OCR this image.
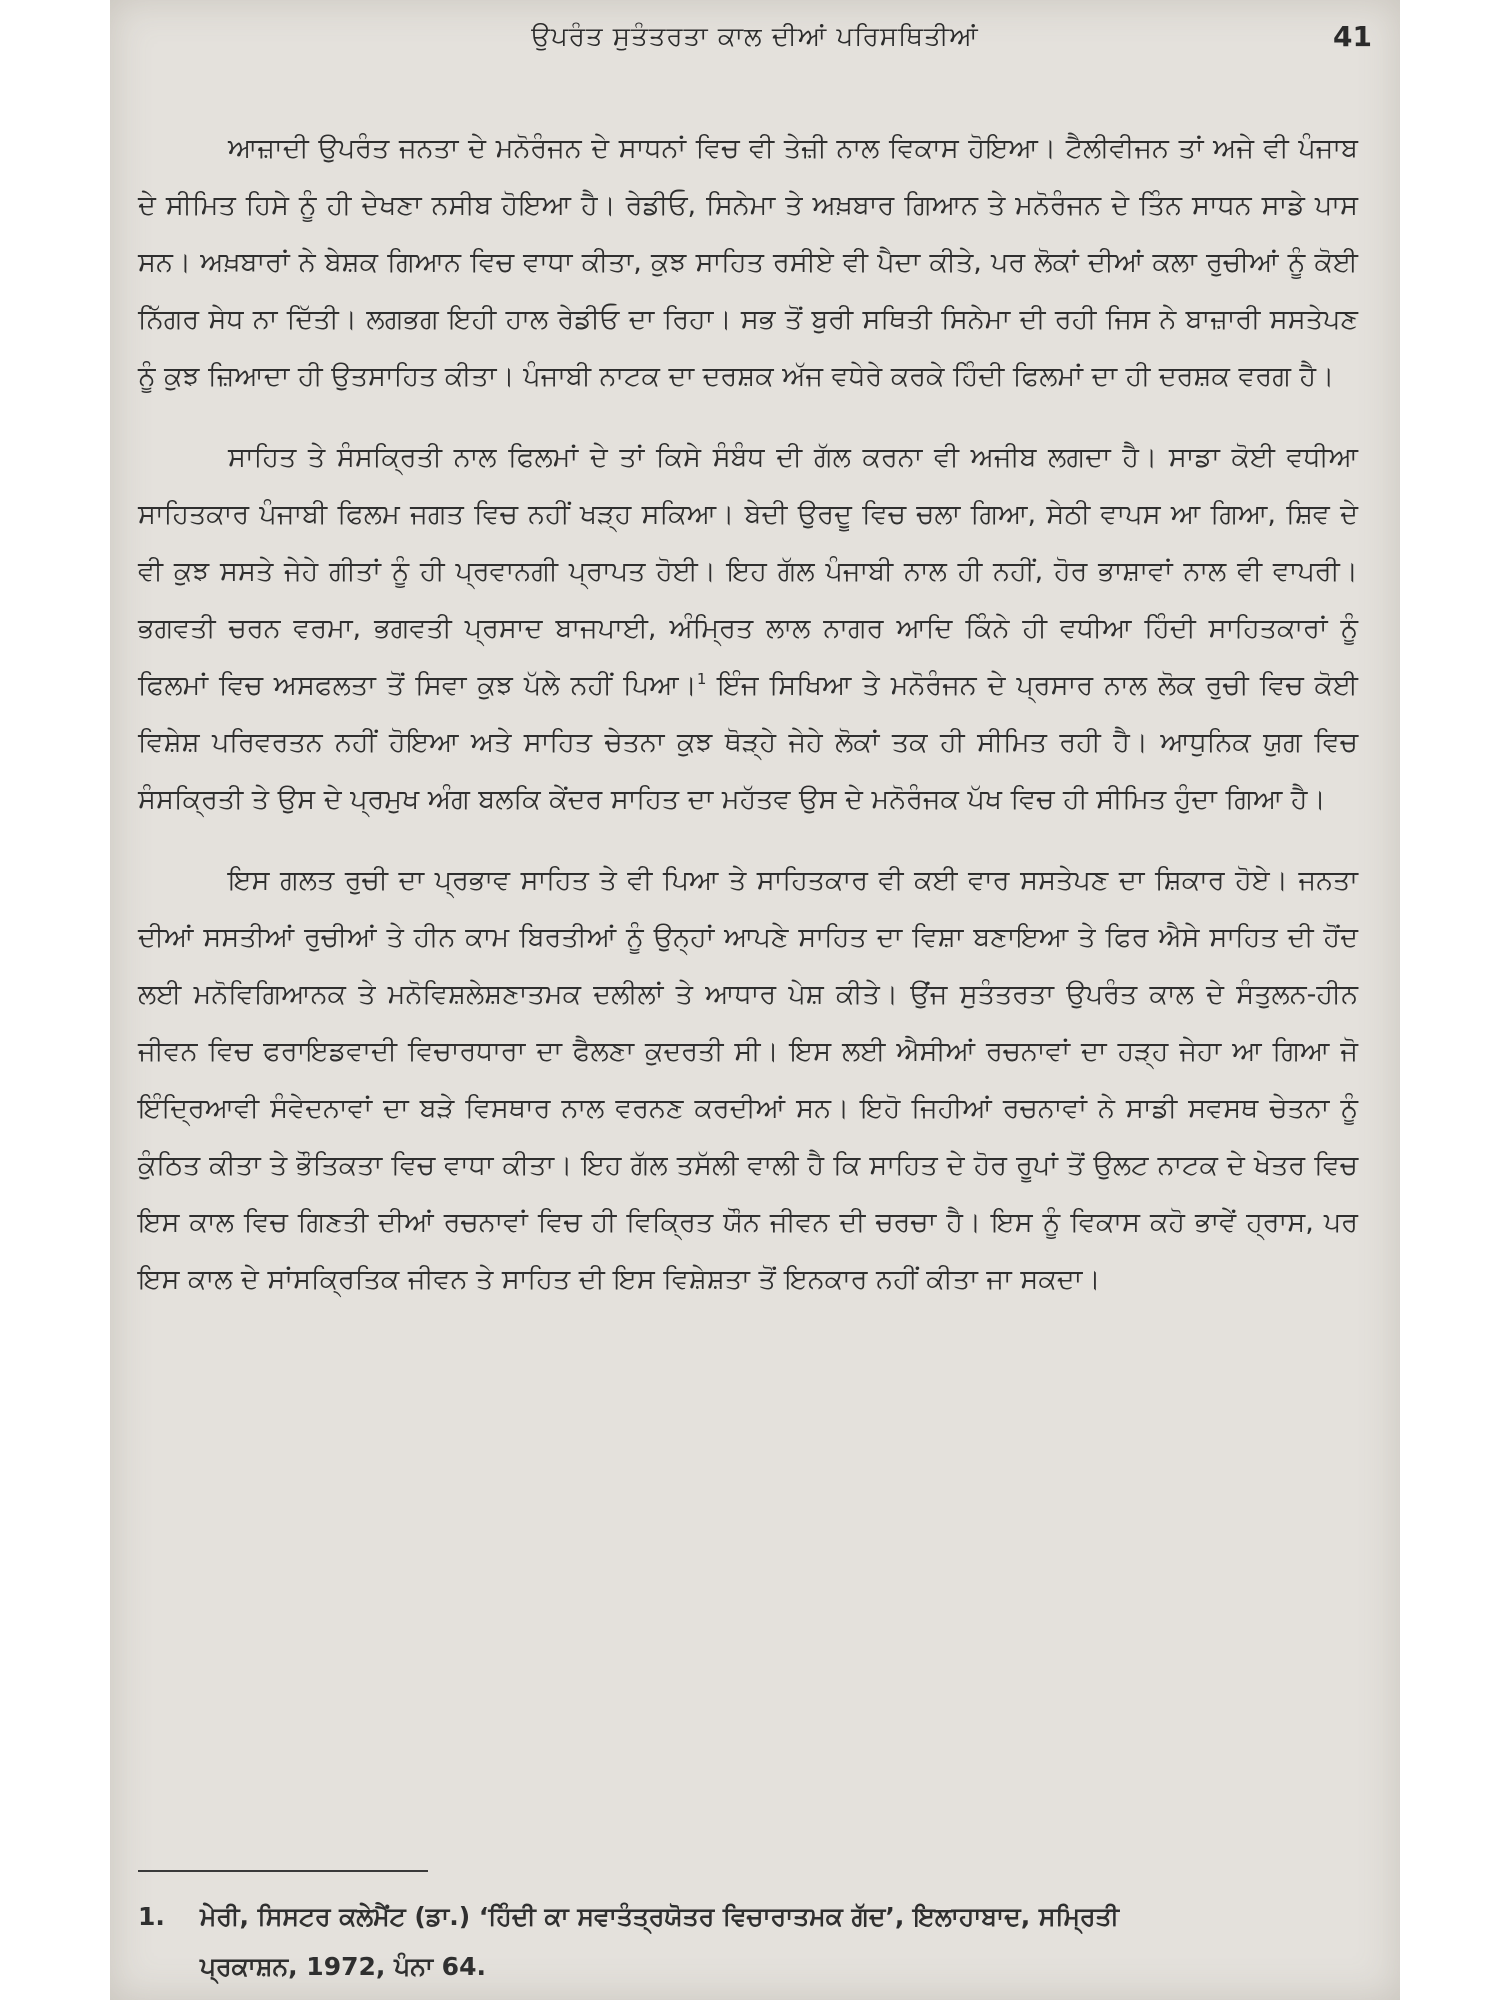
ਉਪਰੰਤ ਸੁਤੰਤਰਤਾ ਕਾਲ ਦੀਆਂ ਪਰਿਸਥਿਤੀਆਂ	41

ਆਜ਼ਾਦੀ ਉਪਰੰਤ ਜਨਤਾ ਦੇ ਮਨੋਰੰਜਨ ਦੇ ਸਾਧਨਾਂ ਵਿਚ ਵੀ ਤੇਜ਼ੀ ਨਾਲ ਵਿਕਾਸ ਹੋਇਆ। ਟੈਲੀਵੀਜਨ ਤਾਂ ਅਜੇ ਵੀ ਪੰਜਾਬ ਦੇ ਸੀਮਿਤ ਹਿਸੇ ਨੂੰ ਹੀ ਦੇਖਣਾ ਨਸੀਬ ਹੋਇਆ ਹੈ। ਰੇਡੀਓ, ਸਿਨੇਮਾ ਤੇ ਅਖ਼ਬਾਰ ਗਿਆਨ ਤੇ ਮਨੋਰੰਜਨ ਦੇ ਤਿੰਨ ਸਾਧਨ ਸਾਡੇ ਪਾਸ ਸਨ। ਅਖ਼ਬਾਰਾਂ ਨੇ ਬੇਸ਼ਕ ਗਿਆਨ ਵਿਚ ਵਾਧਾ ਕੀਤਾ, ਕੁਝ ਸਾਹਿਤ ਰਸੀਏ ਵੀ ਪੈਦਾ ਕੀਤੇ, ਪਰ ਲੋਕਾਂ ਦੀਆਂ ਕਲਾ ਰੁਚੀਆਂ ਨੂੰ ਕੋਈ ਨਿੱਗਰ ਸੇਧ ਨਾ ਦਿੱਤੀ। ਲਗਭਗ ਇਹੀ ਹਾਲ ਰੇਡੀਓ ਦਾ ਰਿਹਾ। ਸਭ ਤੋਂ ਬੁਰੀ ਸਥਿਤੀ ਸਿਨੇਮਾ ਦੀ ਰਹੀ ਜਿਸ ਨੇ ਬਾਜ਼ਾਰੀ ਸਸਤੇਪਣ ਨੂੰ ਕੁਝ ਜ਼ਿਆਦਾ ਹੀ ਉਤਸਾਹਿਤ ਕੀਤਾ। ਪੰਜਾਬੀ ਨਾਟਕ ਦਾ ਦਰਸ਼ਕ ਅੱਜ ਵਧੇਰੇ ਕਰਕੇ ਹਿੰਦੀ ਫਿਲਮਾਂ ਦਾ ਹੀ ਦਰਸ਼ਕ ਵਰਗ ਹੈ।

ਸਾਹਿਤ ਤੇ ਸੰਸਕ੍ਰਿਤੀ ਨਾਲ ਫਿਲਮਾਂ ਦੇ ਤਾਂ ਕਿਸੇ ਸੰਬੰਧ ਦੀ ਗੱਲ ਕਰਨਾ ਵੀ ਅਜੀਬ ਲਗਦਾ ਹੈ। ਸਾਡਾ ਕੋਈ ਵਧੀਆ ਸਾਹਿਤਕਾਰ ਪੰਜਾਬੀ ਫਿਲਮ ਜਗਤ ਵਿਚ ਨਹੀਂ ਖੜ੍ਹ ਸਕਿਆ। ਬੇਦੀ ਉਰਦੂ ਵਿਚ ਚਲਾ ਗਿਆ, ਸੇਠੀ ਵਾਪਸ ਆ ਗਿਆ, ਸ਼ਿਵ ਦੇ ਵੀ ਕੁਝ ਸਸਤੇ ਜੇਹੇ ਗੀਤਾਂ ਨੂੰ ਹੀ ਪ੍ਰਵਾਨਗੀ ਪ੍ਰਾਪਤ ਹੋਈ। ਇਹ ਗੱਲ ਪੰਜਾਬੀ ਨਾਲ ਹੀ ਨਹੀਂ, ਹੋਰ ਭਾਸ਼ਾਵਾਂ ਨਾਲ ਵੀ ਵਾਪਰੀ। ਭਗਵਤੀ ਚਰਨ ਵਰਮਾ, ਭਗਵਤੀ ਪ੍ਰਸਾਦ ਬਾਜਪਾਈ, ਅੰਮ੍ਰਿਤ ਲਾਲ ਨਾਗਰ ਆਦਿ ਕਿੰਨੇ ਹੀ ਵਧੀਆ ਹਿੰਦੀ ਸਾਹਿਤਕਾਰਾਂ ਨੂੰ ਫਿਲਮਾਂ ਵਿਚ ਅਸਫਲਤਾ ਤੋਂ ਸਿਵਾ ਕੁਝ ਪੱਲੇ ਨਹੀਂ ਪਿਆ।$^1$ ਇੰਜ ਸਿਖਿਆ ਤੇ ਮਨੋਰੰਜਨ ਦੇ ਪ੍ਰਸਾਰ ਨਾਲ ਲੋਕ ਰੁਚੀ ਵਿਚ ਕੋਈ ਵਿਸ਼ੇਸ਼ ਪਰਿਵਰਤਨ ਨਹੀਂ ਹੋਇਆ ਅਤੇ ਸਾਹਿਤ ਚੇਤਨਾ ਕੁਝ ਥੋੜ੍ਹੇ ਜੇਹੇ ਲੋਕਾਂ ਤਕ ਹੀ ਸੀਮਿਤ ਰਹੀ ਹੈ। ਆਧੁਨਿਕ ਯੁਗ ਵਿਚ ਸੰਸਕ੍ਰਿਤੀ ਤੇ ਉਸ ਦੇ ਪ੍ਰਮੁਖ ਅੰਗ ਬਲਕਿ ਕੇਂਦਰ ਸਾਹਿਤ ਦਾ ਮਹੱਤਵ ਉਸ ਦੇ ਮਨੋਰੰਜਕ ਪੱਖ ਵਿਚ ਹੀ ਸੀਮਿਤ ਹੁੰਦਾ ਗਿਆ ਹੈ।

ਇਸ ਗਲਤ ਰੁਚੀ ਦਾ ਪ੍ਰਭਾਵ ਸਾਹਿਤ ਤੇ ਵੀ ਪਿਆ ਤੇ ਸਾਹਿਤਕਾਰ ਵੀ ਕਈ ਵਾਰ ਸਸਤੇਪਣ ਦਾ ਸ਼ਿਕਾਰ ਹੋਏ। ਜਨਤਾ ਦੀਆਂ ਸਸਤੀਆਂ ਰੁਚੀਆਂ ਤੇ ਹੀਨ ਕਾਮ ਬਿਰਤੀਆਂ ਨੂੰ ਉਨ੍ਹਾਂ ਆਪਣੇ ਸਾਹਿਤ ਦਾ ਵਿਸ਼ਾ ਬਣਾਇਆ ਤੇ ਫਿਰ ਐਸੇ ਸਾਹਿਤ ਦੀ ਹੋਂਦ ਲਈ ਮਨੋਵਿਗਿਆਨਕ ਤੇ ਮਨੋਵਿਸ਼ਲੇਸ਼ਣਾਤਮਕ ਦਲੀਲਾਂ ਤੇ ਆਧਾਰ ਪੇਸ਼ ਕੀਤੇ। ਉਂਜ ਸੁਤੰਤਰਤਾ ਉਪਰੰਤ ਕਾਲ ਦੇ ਸੰਤੁਲਨ-ਹੀਨ ਜੀਵਨ ਵਿਚ ਫਰਾਇਡਵਾਦੀ ਵਿਚਾਰਧਾਰਾ ਦਾ ਫੈਲਣਾ ਕੁਦਰਤੀ ਸੀ। ਇਸ ਲਈ ਐਸੀਆਂ ਰਚਨਾਵਾਂ ਦਾ ਹੜ੍ਹ ਜੇਹਾ ਆ ਗਿਆ ਜੋ ਇੰਦ੍ਰਿਆਵੀ ਸੰਵੇਦਨਾਵਾਂ ਦਾ ਬੜੇ ਵਿਸਥਾਰ ਨਾਲ ਵਰਨਣ ਕਰਦੀਆਂ ਸਨ। ਇਹੋ ਜਿਹੀਆਂ ਰਚਨਾਵਾਂ ਨੇ ਸਾਡੀ ਸਵਸਥ ਚੇਤਨਾ ਨੂੰ ਕੁੰਠਿਤ ਕੀਤਾ ਤੇ ਭੌਤਿਕਤਾ ਵਿਚ ਵਾਧਾ ਕੀਤਾ। ਇਹ ਗੱਲ ਤਸੱਲੀ ਵਾਲੀ ਹੈ ਕਿ ਸਾਹਿਤ ਦੇ ਹੋਰ ਰੂਪਾਂ ਤੋਂ ਉਲਟ ਨਾਟਕ ਦੇ ਖੇਤਰ ਵਿਚ ਇਸ ਕਾਲ ਵਿਚ ਗਿਣਤੀ ਦੀਆਂ ਰਚਨਾਵਾਂ ਵਿਚ ਹੀ ਵਿਕ੍ਰਿਤ ਯੌਨ ਜੀਵਨ ਦੀ ਚਰਚਾ ਹੈ। ਇਸ ਨੂੰ ਵਿਕਾਸ ਕਹੋ ਭਾਵੇਂ ਹ੍ਰਾਸ, ਪਰ ਇਸ ਕਾਲ ਦੇ ਸਾਂਸਕ੍ਰਿਤਿਕ ਜੀਵਨ ਤੇ ਸਾਹਿਤ ਦੀ ਇਸ ਵਿਸ਼ੇਸ਼ਤਾ ਤੋਂ ਇਨਕਾਰ ਨਹੀਂ ਕੀਤਾ ਜਾ ਸਕਦਾ।

1. ਮੇਰੀ, ਸਿਸਟਰ ਕਲੇਮੈਂਟ (ਡਾ.) ‘ਹਿੰਦੀ ਕਾ ਸਵਾਤੰਤ੍ਰਯੋਤਰ ਵਿਚਾਰਾਤਮਕ ਗੱਦ’, ਇਲਾਹਾਬਾਦ, ਸਮ੍ਰਿਤੀ
ਪ੍ਰਕਾਸ਼ਨ, 1972, ਪੰਨਾ 64.
